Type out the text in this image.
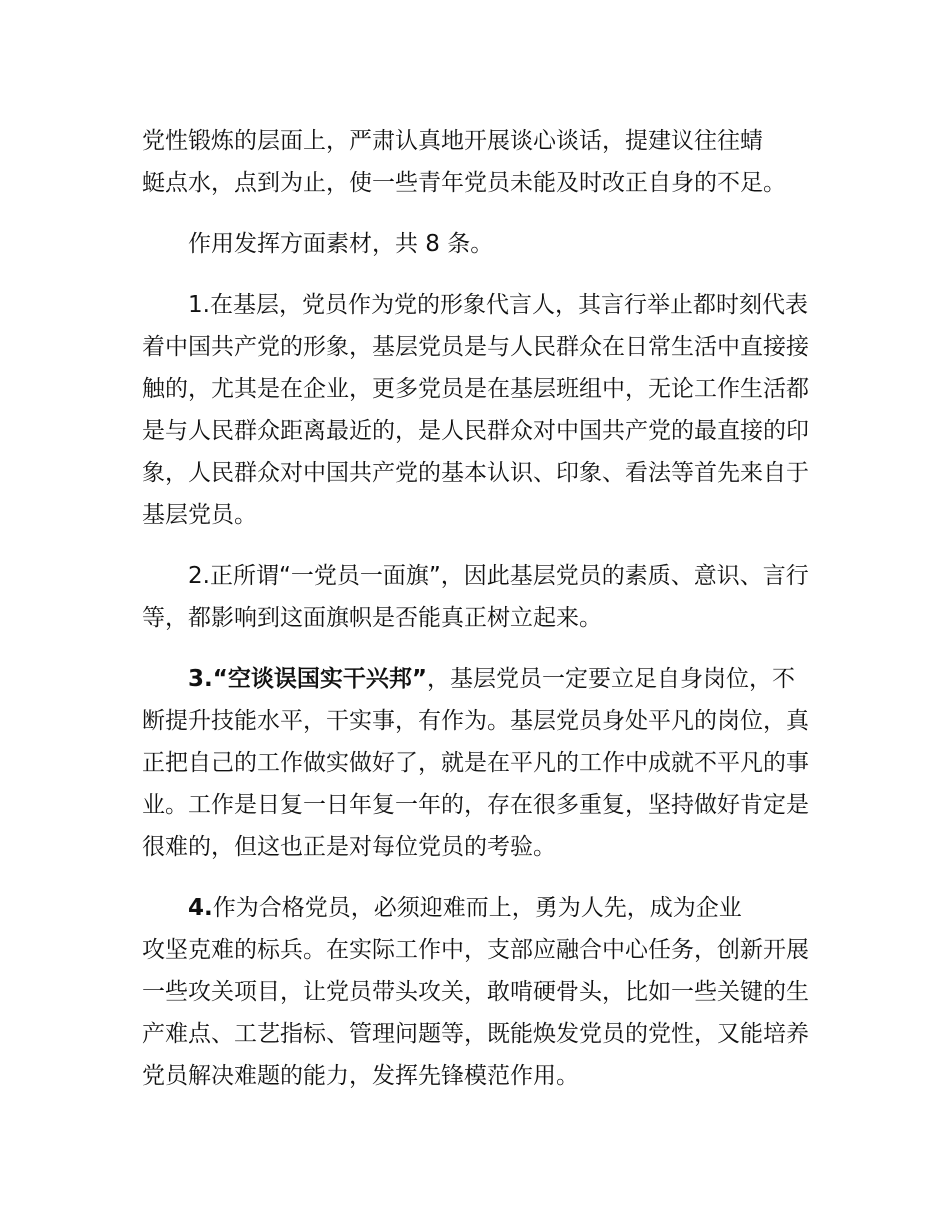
党性锻炼的层面上，严肃认真地开展谈心谈话，提建议往往蜻
蜓点水，点到为止，使一些青年党员未能及时改正自身的不足。

作用发挥方面素材，共 8 条。

1.在基层，党员作为党的形象代言人，其言行举止都时刻代表着中国共产党的形象，基层党员是与人民群众在日常生活中直接接触的，尤其是在企业，更多党员是在基层班组中，无论工作生活都是与人民群众距离最近的，是人民群众对中国共产党的最直接的印象，人民群众对中国共产党的基本认识、印象、看法等首先来自于基层党员。

2.正所谓“一党员一面旗”，因此基层党员的素质、意识、言行等，都影响到这面旗帜是否能真正树立起来。

3.“空谈误国实干兴邦”，基层党员一定要立足自身岗位，不断提升技能水平，干实事，有作为。基层党员身处平凡的岗位，真正把自己的工作做实做好了，就是在平凡的工作中成就不平凡的事业。工作是日复一日年复一年的，存在很多重复，坚持做好肯定是很难的，但这也正是对每位党员的考验。

4.作为合格党员，必须迎难而上，勇为人先，成为企业
攻坚克难的标兵。在实际工作中，支部应融合中心任务，创新开展一些攻关项目，让党员带头攻关，敢啃硬骨头，比如一些关键的生产难点、工艺指标、管理问题等，既能焕发党员的党性，又能培养党员解决难题的能力，发挥先锋模范作用。
